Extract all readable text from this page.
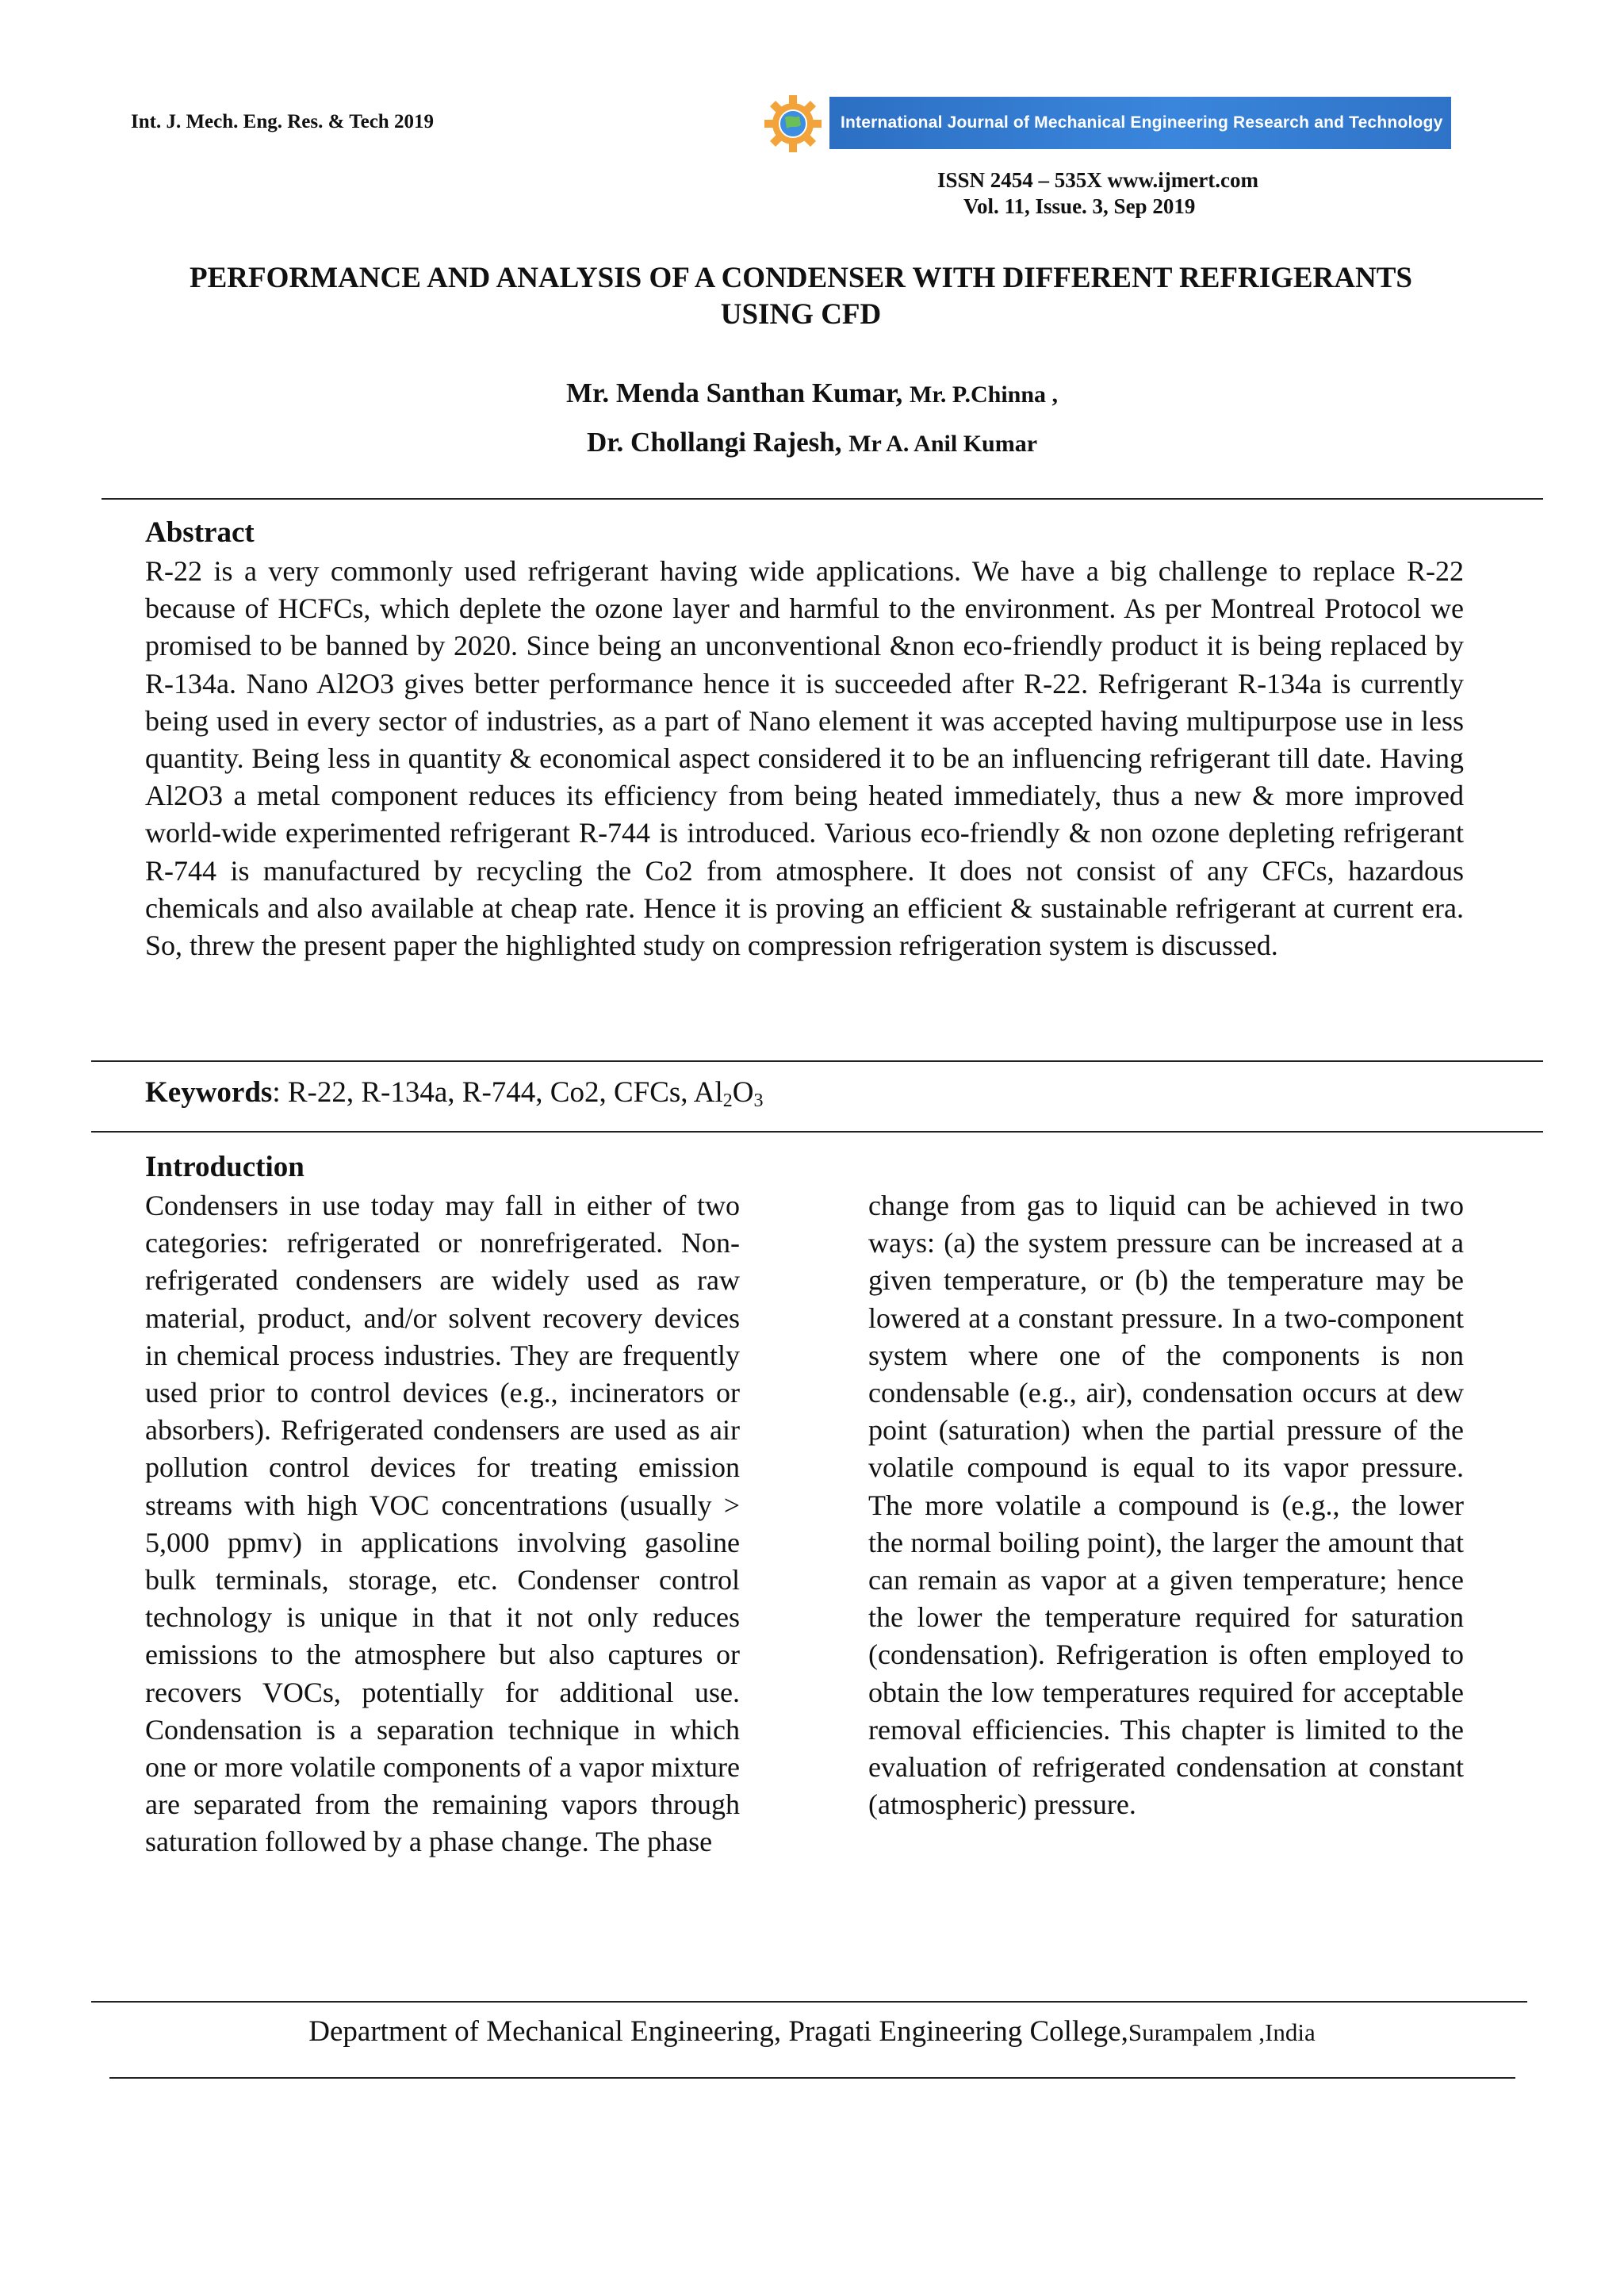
Int. J. Mech. Eng. Res. & Tech 2019	International Journal of Mechanical Engineering Research and Technology
ISSN 2454 – 535X www.ijmert.com
Vol. 11, Issue. 3, Sep 2019
PERFORMANCE AND ANALYSIS OF A CONDENSER WITH DIFFERENT REFRIGERANTS USING CFD
Mr. Menda Santhan Kumar, Mr. P.Chinna ,
Dr. Chollangi Rajesh, Mr A. Anil Kumar
Abstract
R-22 is a very commonly used refrigerant having wide applications. We have a big challenge to replace R-22 because of HCFCs, which deplete the ozone layer and harmful to the environment. As per Montreal Protocol we promised to be banned by 2020. Since being an unconventional &non eco-friendly product it is being replaced by R-134a. Nano Al2O3 gives better performance hence it is succeeded after R-22. Refrigerant R-134a is currently being used in every sector of industries, as a part of Nano element it was accepted having multipurpose use in less quantity. Being less in quantity & economical aspect considered it to be an influencing refrigerant till date. Having Al2O3 a metal component reduces its efficiency from being heated immediately, thus a new & more improved world-wide experimented refrigerant R-744 is introduced. Various eco-friendly & non ozone depleting refrigerant R-744 is manufactured by recycling the Co2 from atmosphere. It does not consist of any CFCs, hazardous chemicals and also available at cheap rate. Hence it is proving an efficient & sustainable refrigerant at current era. So, threw the present paper the highlighted study on compression refrigeration system is discussed.
Keywords: R-22, R-134a, R-744, Co2, CFCs, $Al_2O_3$
Introduction
Condensers in use today may fall in either of two categories: refrigerated or nonrefrigerated. Non- refrigerated condensers are widely used as raw material, product, and/or solvent recovery devices in chemical process industries. They are frequently used prior to control devices (e.g., incinerators or absorbers). Refrigerated condensers are used as air pollution control devices for treating emission streams with high VOC concentrations (usually > 5,000 ppmv) in applications involving gasoline bulk terminals, storage, etc. Condenser control technology is unique in that it not only reduces emissions to the atmosphere but also captures or recovers VOCs, potentially for additional use. Condensation is a separation technique in which one or more volatile components of a vapor mixture are separated from the remaining vapors through saturation followed by a phase change. The phase
change from gas to liquid can be achieved in two ways: (a) the system pressure can be increased at a given temperature, or (b) the temperature may be lowered at a constant pressure. In a two-component system where one of the components is non condensable (e.g., air), condensation occurs at dew point (saturation) when the partial pressure of the volatile compound is equal to its vapor pressure. The more volatile a compound is (e.g., the lower the normal boiling point), the larger the amount that can remain as vapor at a given temperature; hence the lower the temperature required for saturation (condensation). Refrigeration is often employed to obtain the low temperatures required for acceptable removal efficiencies. This chapter is limited to the evaluation of refrigerated condensation at constant (atmospheric) pressure.
Department of Mechanical Engineering, Pragati Engineering College,Surampalem ,India
